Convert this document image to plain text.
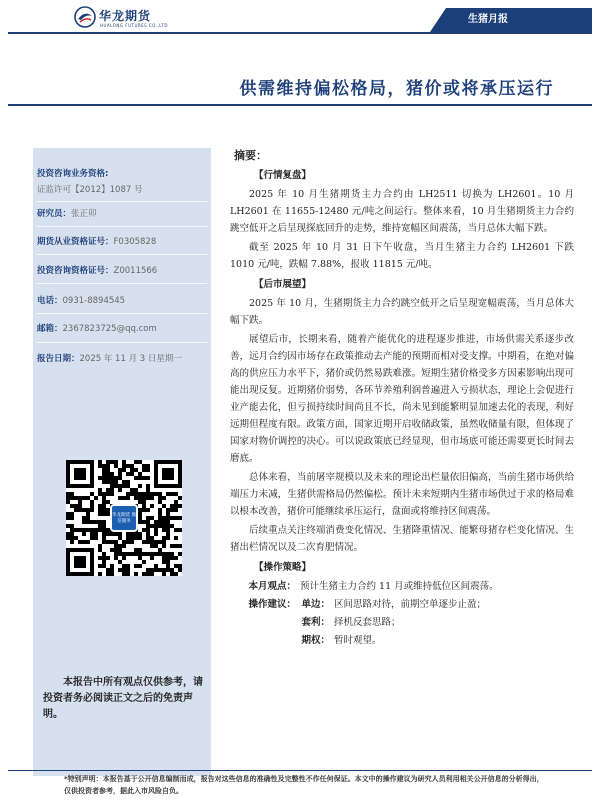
华龙期货
HUALONG FUTURES CO.,LTD
生猪月报
供需维持偏松格局，猪价或将承压运行
投资咨询业务资格:
证监许可【2012】1087 号
研究员：张正卯
期货从业资格证号：F0305828
投资咨询资格证号：Z0011566
电话：0931-8894545
邮箱：2367823725@qq.com
报告日期：2025 年 11 月 3 日星期一
华龙期货 微信服务
本报告中所有观点仅供参考，请投资者务必阅读正文之后的免责声明。
摘要：
【行情复盘】

2025 年 10 月生猪期货主力合约由 LH2511 切换为 LH2601。10 月 LH2601 在 11655-12480 元/吨之间运行。整体来看，10 月生猪期货主力合约跳空低开之后呈现探底回升的走势，维持宽幅区间震荡，当月总体大幅下跌。

截至 2025 年 10 月 31 日下午收盘，当月生猪主力合约 LH2601 下跌 1010 元/吨，跌幅 7.88%，报收 11815 元/吨。

【后市展望】

2025 年 10 月，生猪期货主力合约跳空低开之后呈现宽幅震荡，当月总体大幅下跌。

展望后市，长期来看，随着产能优化的进程逐步推进，市场供需关系逐步改善，远月合约因市场存在政策推动去产能的预期而相对受支撑。中期看，在绝对偏高的供应压力水平下，猪价或仍然易跌难涨。短期生猪价格受多方因素影响出现可能出现反复。近期猪价弱势，各环节养殖利润普遍进入亏损状态，理论上会促进行业产能去化，但亏损持续时间尚且不长，尚未见到能繁明显加速去化的表现，利好远期但程度有限。政策方面，国家近期开启收储政策，虽然收储量有限，但体现了国家对物价调控的决心。可以说政策底已经显现，但市场底可能还需要更长时间去磨底。

总体来看，当前屠宰规模以及未来的理论出栏量依旧偏高，当前生猪市场供给端压力未减，生猪供需格局仍然偏松。预计未来短期内生猪市场供过于求的格局难以根本改善，猪价可能继续承压运行，盘面或将维持区间震荡。

后续重点关注终端消费变化情况、生猪降重情况、能繁母猪存栏变化情况、生猪出栏情况以及二次育肥情况。

【操作策略】
本月观点： 预计生猪主力合约 11 月或维持低位区间震荡。
操作建议： 单边： 区间思路对待，前期空单逐步止盈；
套利： 择机反套思路；
期权： 暂时观望。
*特别声明：本报告基于公开信息编制而成，报告对这些信息的准确性及完整性不作任何保证。本文中的操作建议为研究人员利用相关公开信息的分析得出，仅供投资者参考，据此入市风险自负。
